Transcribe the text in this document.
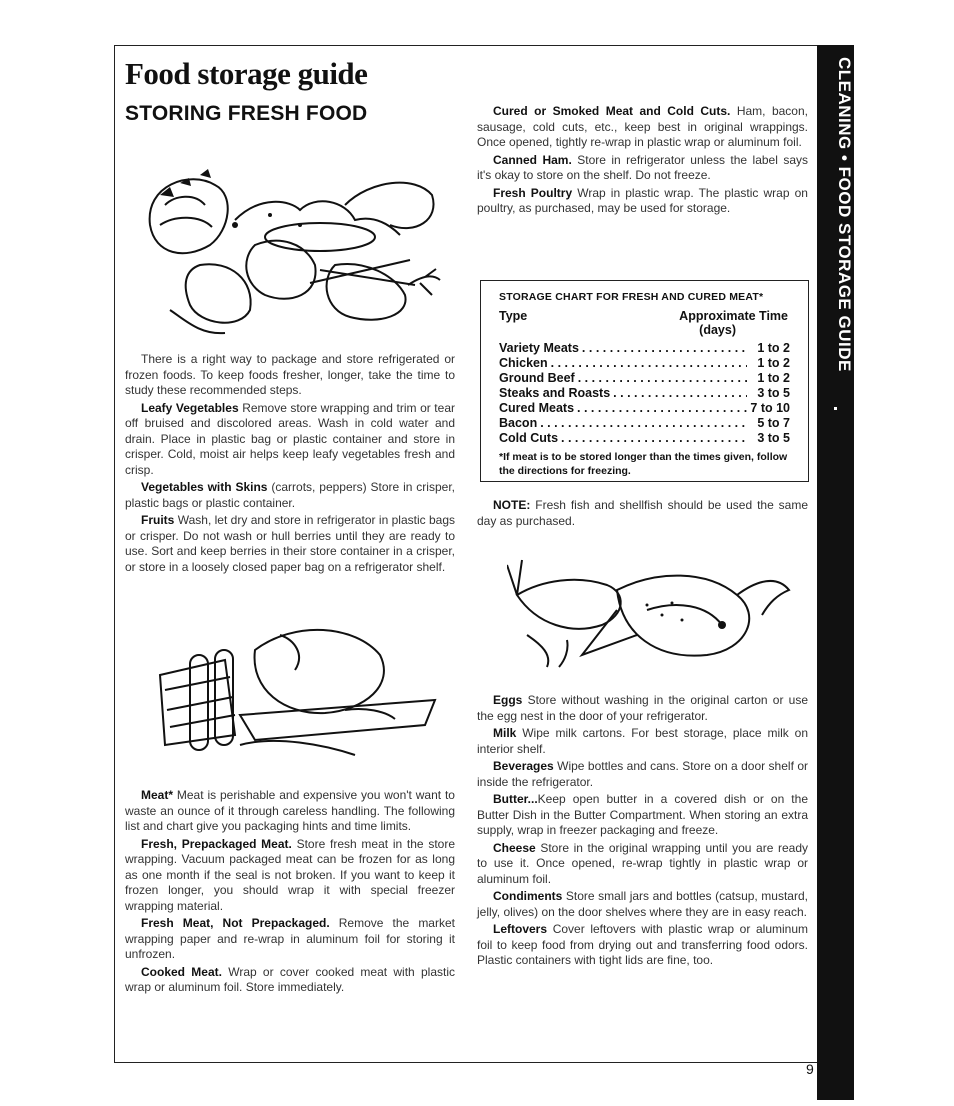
CLEANING • FOOD STORAGE GUIDE
Food storage guide
STORING FRESH FOOD

There is a right way to package and store refrigerated or frozen foods. To keep foods fresher, longer, take the time to study these recommended steps.

Leafy Vegetables Remove store wrapping and trim or tear off bruised and discolored areas. Wash in cold water and drain. Place in plastic bag or plastic container and store in crisper. Cold, moist air helps keep leafy vegetables fresh and crisp.

Vegetables with Skins (carrots, peppers) Store in crisper, plastic bags or plastic container.

Fruits Wash, let dry and store in refrigerator in plastic bags or crisper. Do not wash or hull berries until they are ready to use. Sort and keep berries in their store container in a crisper, or store in a loosely closed paper bag on a refrigerator shelf.

Meat* Meat is perishable and expensive you won't want to waste an ounce of it through careless handling. The following list and chart give you packaging hints and time limits.

Fresh, Prepackaged Meat. Store fresh meat in the store wrapping. Vacuum packaged meat can be frozen for as long as one month if the seal is not broken. If you want to keep it frozen longer, you should wrap it with special freezer wrapping material.

Fresh Meat, Not Prepackaged. Remove the market wrapping paper and re-wrap in aluminum foil for storing it unfrozen.

Cooked Meat. Wrap or cover cooked meat with plastic wrap or aluminum foil. Store immediately.

Cured or Smoked Meat and Cold Cuts. Ham, bacon, sausage, cold cuts, etc., keep best in original wrappings. Once opened, tightly re-wrap in plastic wrap or aluminum foil.

Canned Ham. Store in refrigerator unless the label says it's okay to store on the shelf. Do not freeze.

Fresh Poultry Wrap in plastic wrap. The plastic wrap on poultry, as purchased, may be used for storage.

STORAGE CHART FOR FRESH AND CURED MEAT*
Type	Approximate Time
(days)
Variety Meats . . .	1 to 2
Chicken . . .	1 to 2
Ground Beef . . .	1 to 2
Steaks and Roasts . . .	3 to 5
Cured Meats . . .	7 to 10
Bacon . . .	5 to 7
Cold Cuts . . .	3 to 5
*If meat is to be stored longer than the times given, follow the directions for freezing.

NOTE: Fresh fish and shellfish should be used the same day as purchased.

Eggs Store without washing in the original carton or use the egg nest in the door of your refrigerator.

Milk Wipe milk cartons. For best storage, place milk on interior shelf.

Beverages Wipe bottles and cans. Store on a door shelf or inside the refrigerator.

Butter...Keep open butter in a covered dish or on the Butter Dish in the Butter Compartment. When storing an extra supply, wrap in freezer packaging and freeze.

Cheese Store in the original wrapping until you are ready to use it. Once opened, re-wrap tightly in plastic wrap or aluminum foil.

Condiments Store small jars and bottles (catsup, mustard, jelly, olives) on the door shelves where they are in easy reach.

Leftovers Cover leftovers with plastic wrap or aluminum foil to keep food from drying out and transferring food odors. Plastic containers with tight lids are fine, too.

9
